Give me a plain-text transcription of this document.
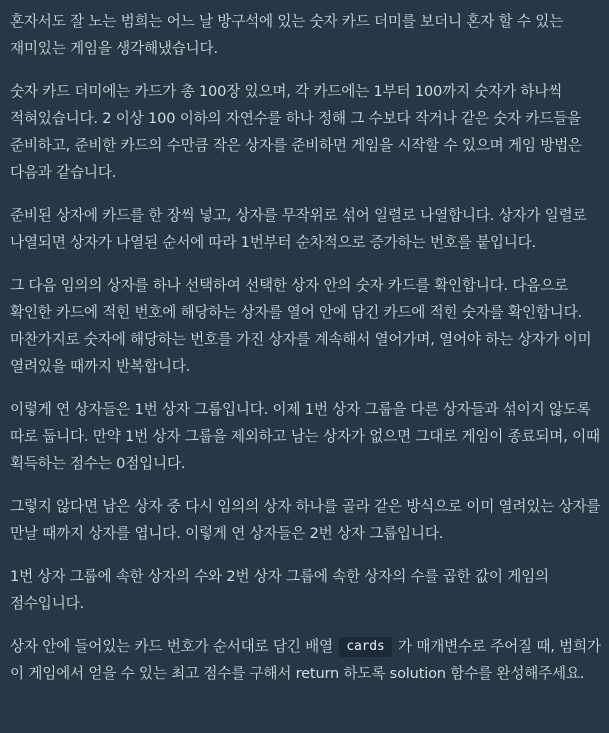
혼자서도 잘 노는 범희는 어느 날 방구석에 있는 숫자 카드 더미를 보더니 혼자 할 수 있는 재미있는 게임을 생각해냈습니다.

숫자 카드 더미에는 카드가 총 100장 있으며, 각 카드에는 1부터 100까지 숫자가 하나씩 적혀있습니다. 2 이상 100 이하의 자연수를 하나 정해 그 수보다 작거나 같은 숫자 카드들을 준비하고, 준비한 카드의 수만큼 작은 상자를 준비하면 게임을 시작할 수 있으며 게임 방법은 다음과 같습니다.

준비된 상자에 카드를 한 장씩 넣고, 상자를 무작위로 섞어 일렬로 나열합니다. 상자가 일렬로 나열되면 상자가 나열된 순서에 따라 1번부터 순차적으로 증가하는 번호를 붙입니다.

그 다음 임의의 상자를 하나 선택하여 선택한 상자 안의 숫자 카드를 확인합니다. 다음으로 확인한 카드에 적힌 번호에 해당하는 상자를 열어 안에 담긴 카드에 적힌 숫자를 확인합니다. 마찬가지로 숫자에 해당하는 번호를 가진 상자를 계속해서 열어가며, 열어야 하는 상자가 이미 열려있을 때까지 반복합니다.

이렇게 연 상자들은 1번 상자 그룹입니다. 이제 1번 상자 그룹을 다른 상자들과 섞이지 않도록 따로 둡니다. 만약 1번 상자 그룹을 제외하고 남는 상자가 없으면 그대로 게임이 종료되며, 이때 획득하는 점수는 0점입니다.

그렇지 않다면 남은 상자 중 다시 임의의 상자 하나를 골라 같은 방식으로 이미 열려있는 상자를 만날 때까지 상자를 엽니다. 이렇게 연 상자들은 2번 상자 그룹입니다.

1번 상자 그룹에 속한 상자의 수와 2번 상자 그룹에 속한 상자의 수를 곱한 값이 게임의 점수입니다.

상자 안에 들어있는 카드 번호가 순서대로 담긴 배열 cards 가 매개변수로 주어질 때, 범희가 이 게임에서 얻을 수 있는 최고 점수를 구해서 return 하도록 solution 함수를 완성해주세요.
